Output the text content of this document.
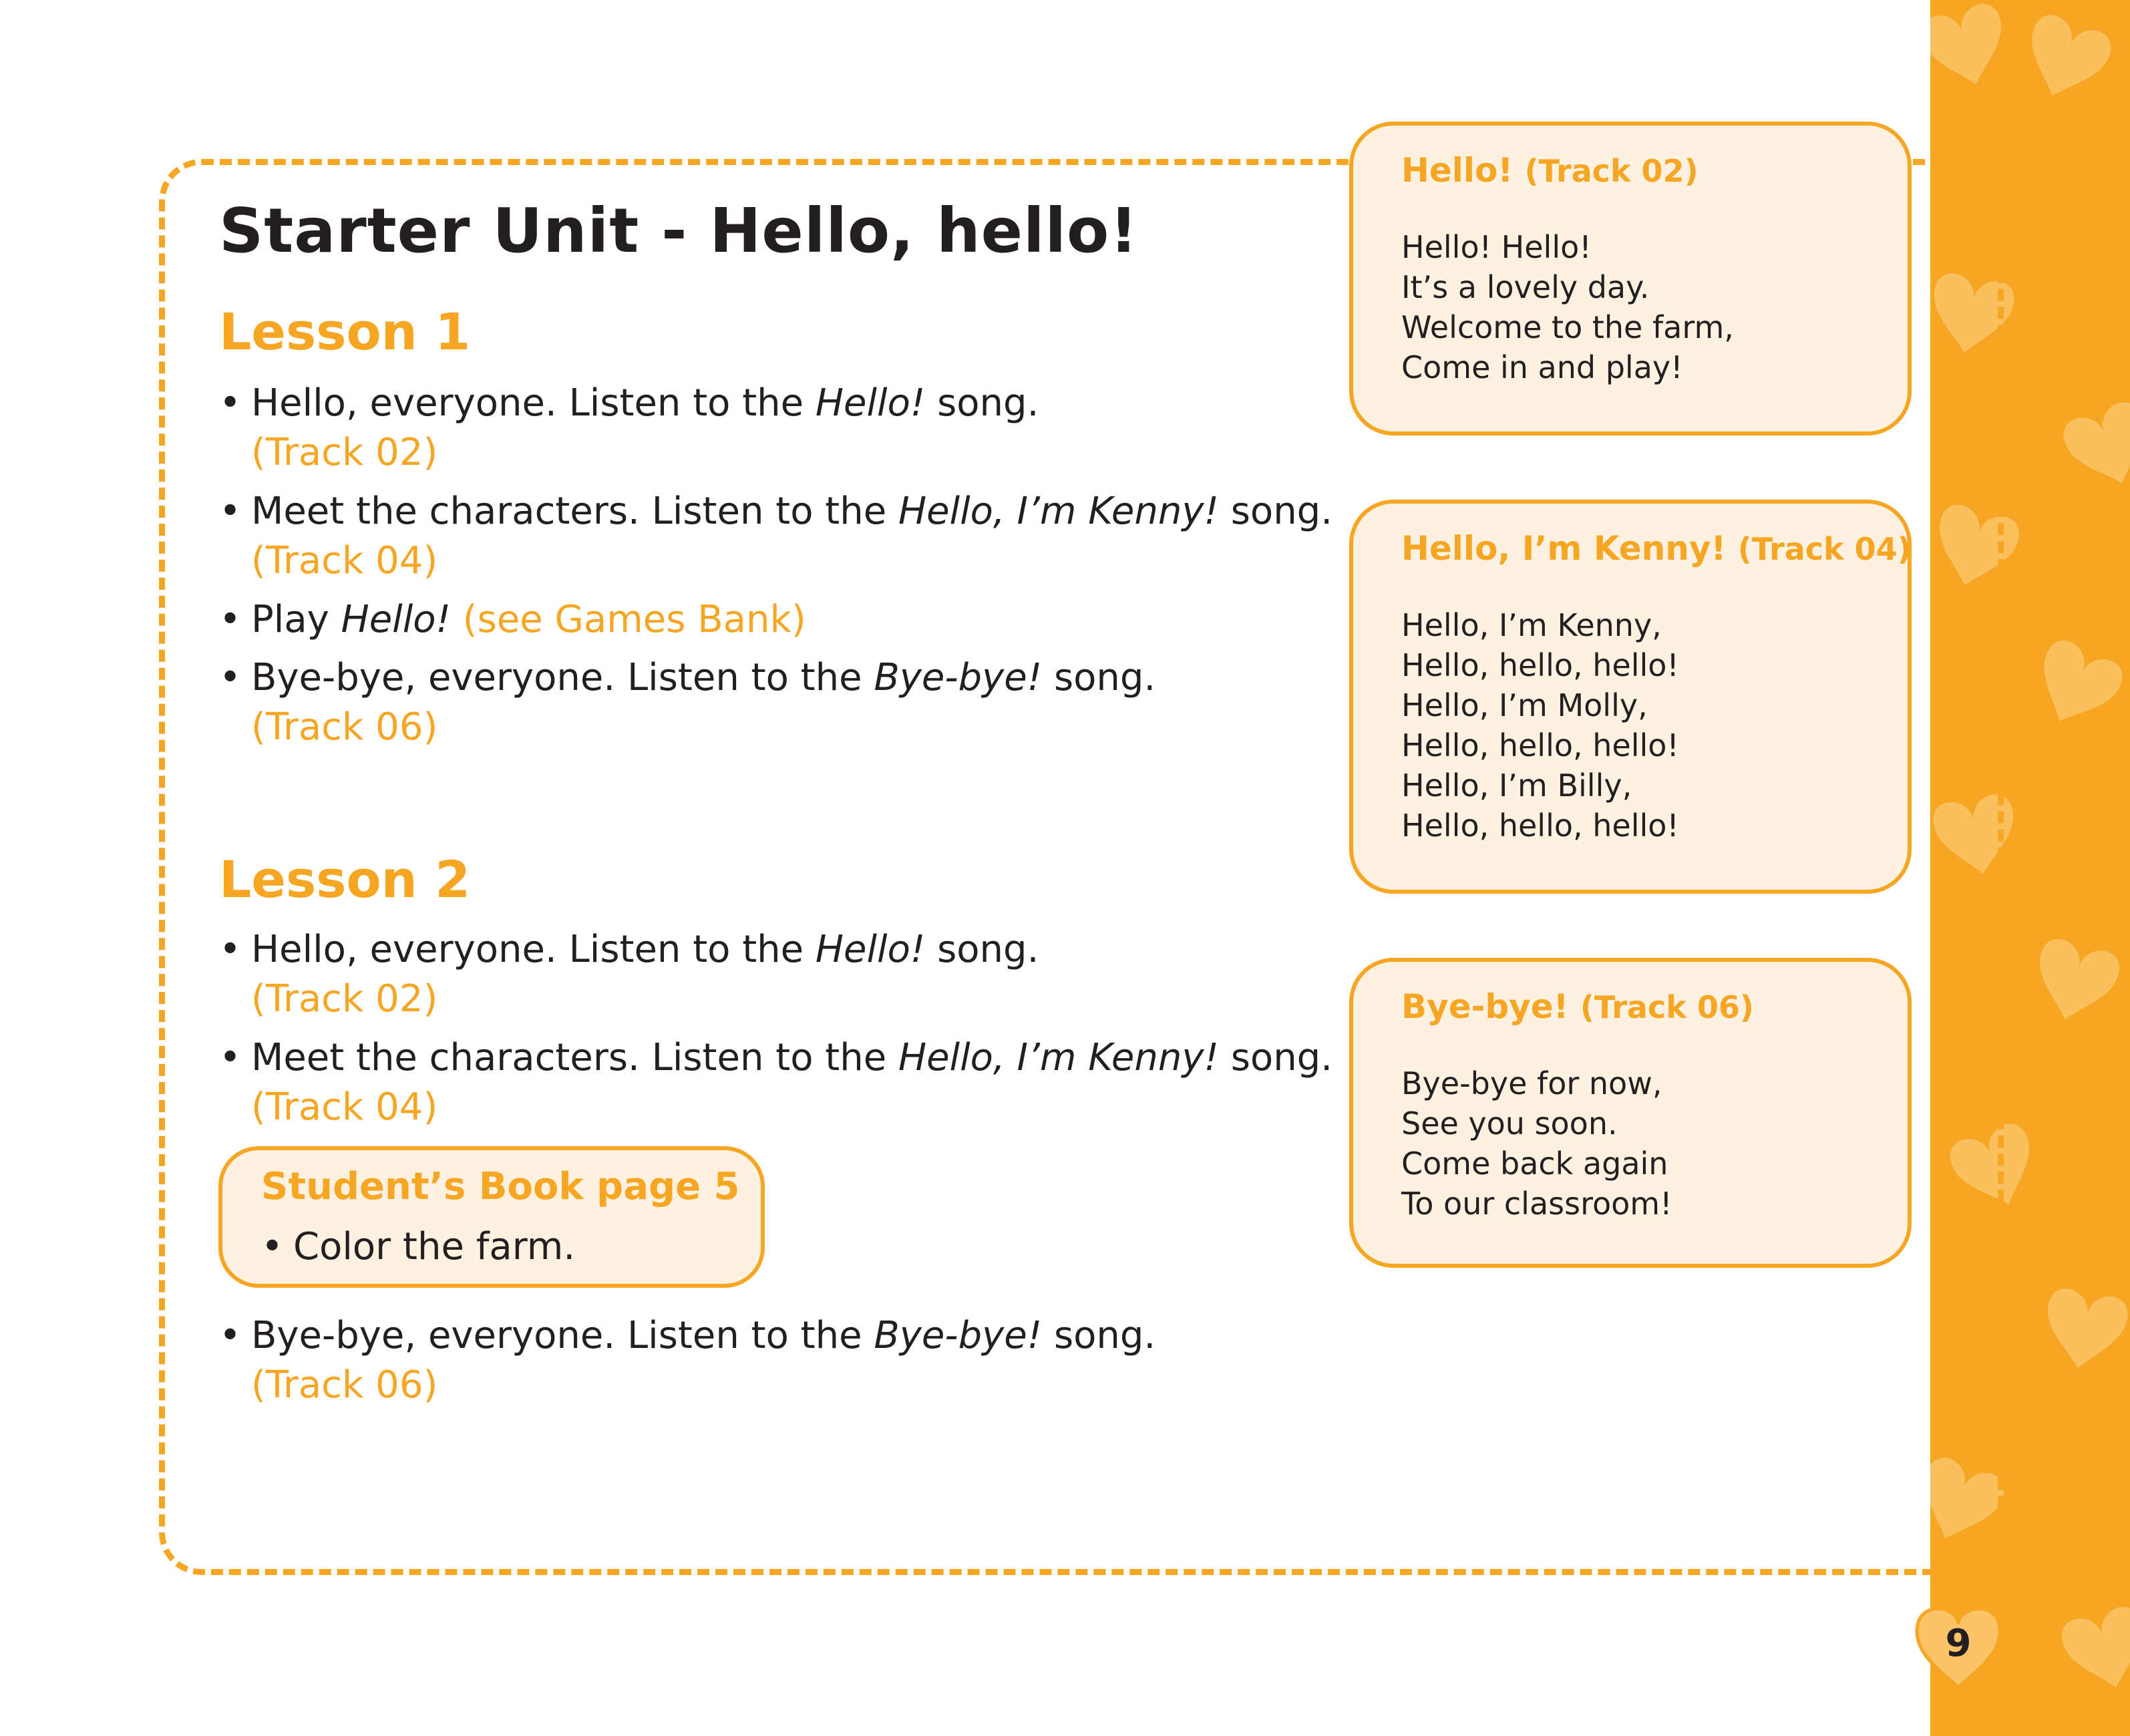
Starter Unit - Hello, hello!
Lesson 1
• Hello, everyone. Listen to the Hello! song.
(Track 02)
• Meet the characters. Listen to the Hello, I’m Kenny! song.
(Track 04)
• Play Hello! (see Games Bank)
• Bye-bye, everyone. Listen to the Bye-bye! song.
(Track 06)
Lesson 2
• Hello, everyone. Listen to the Hello! song.
(Track 02)
• Meet the characters. Listen to the Hello, I’m Kenny! song.
(Track 04)
Student’s Book page 5
• Color the farm.
• Bye-bye, everyone. Listen to the Bye-bye! song.
(Track 06)
Hello! (Track 02)
Hello! Hello!
It’s a lovely day.
Welcome to the farm,
Come in and play!
Hello, I’m Kenny! (Track 04)
Hello, I’m Kenny,
Hello, hello, hello!
Hello, I’m Molly,
Hello, hello, hello!
Hello, I’m Billy,
Hello, hello, hello!
Bye-bye! (Track 06)
Bye-bye for now,
See you soon.
Come back again
To our classroom!
9
